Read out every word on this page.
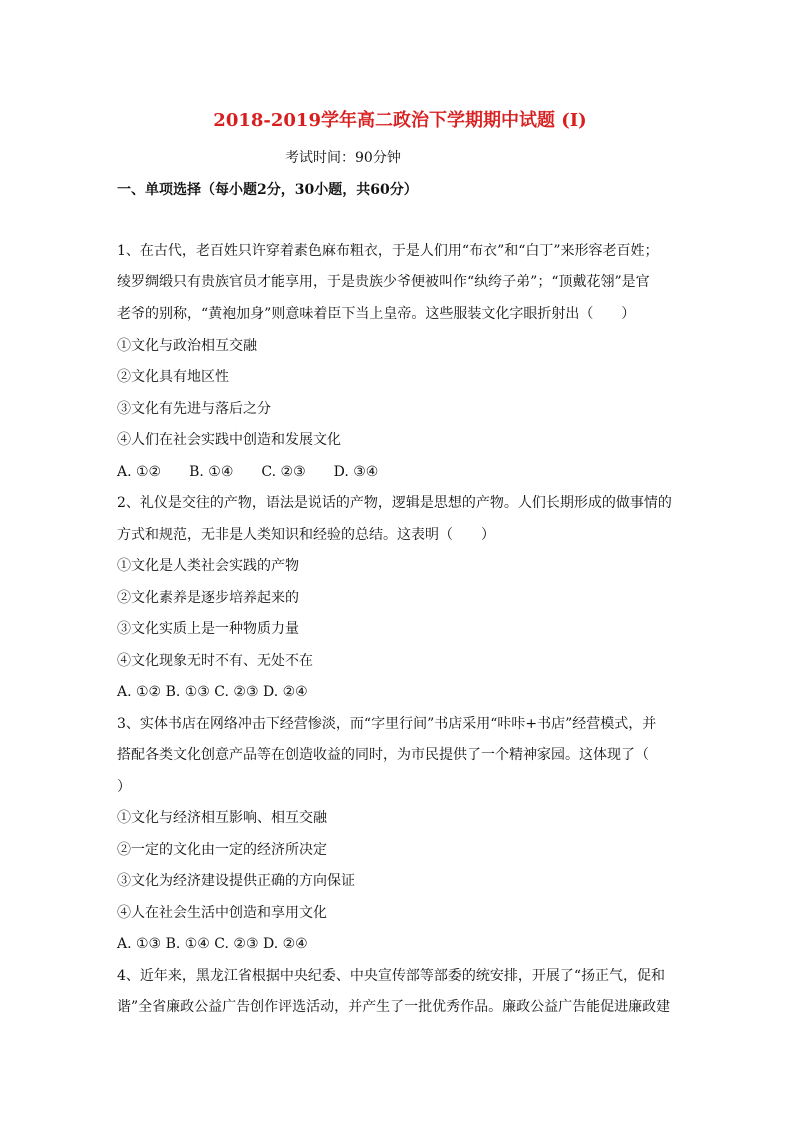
2018-2019学年高二政治下学期期中试题 (I)
考试时间：90分钟
一、单项选择（每小题2分，30小题，共60分）
1、在古代，老百姓只许穿着素色麻布粗衣，于是人们用“布衣”和“白丁”来形容老百姓；
绫罗绸缎只有贵族官员才能享用，于是贵族少爷便被叫作“纨绔子弟”；“顶戴花翎”是官
老爷的别称，“黄袍加身”则意味着臣下当上皇帝。这些服装文化字眼折射出（　　）
①文化与政治相互交融
②文化具有地区性
③文化有先进与落后之分
④人们在社会实践中创造和发展文化
A. ①②　　B. ①④　　C. ②③　　D. ③④
2、礼仪是交往的产物，语法是说话的产物，逻辑是思想的产物。人们长期形成的做事情的
方式和规范，无非是人类知识和经验的总结。这表明（　　）
①文化是人类社会实践的产物
②文化素养是逐步培养起来的
③文化实质上是一种物质力量
④文化现象无时不有、无处不在
A. ①② B. ①③ C. ②③ D. ②④
3、实体书店在网络冲击下经营惨淡，而“字里行间”书店采用“咔咔+书店”经营模式，并
搭配各类文化创意产品等在创造收益的同时，为市民提供了一个精神家园。这体现了（
）
①文化与经济相互影响、相互交融
②一定的文化由一定的经济所决定
③文化为经济建设提供正确的方向保证
④人在社会生活中创造和享用文化
A. ①③ B. ①④ C. ②③ D. ②④
4、近年来，黑龙江省根据中央纪委、中央宣传部等部委的统安排，开展了“扬正气，促和
谐”全省廉政公益广告创作评选活动，并产生了一批优秀作品。廉政公益广告能促进廉政建
